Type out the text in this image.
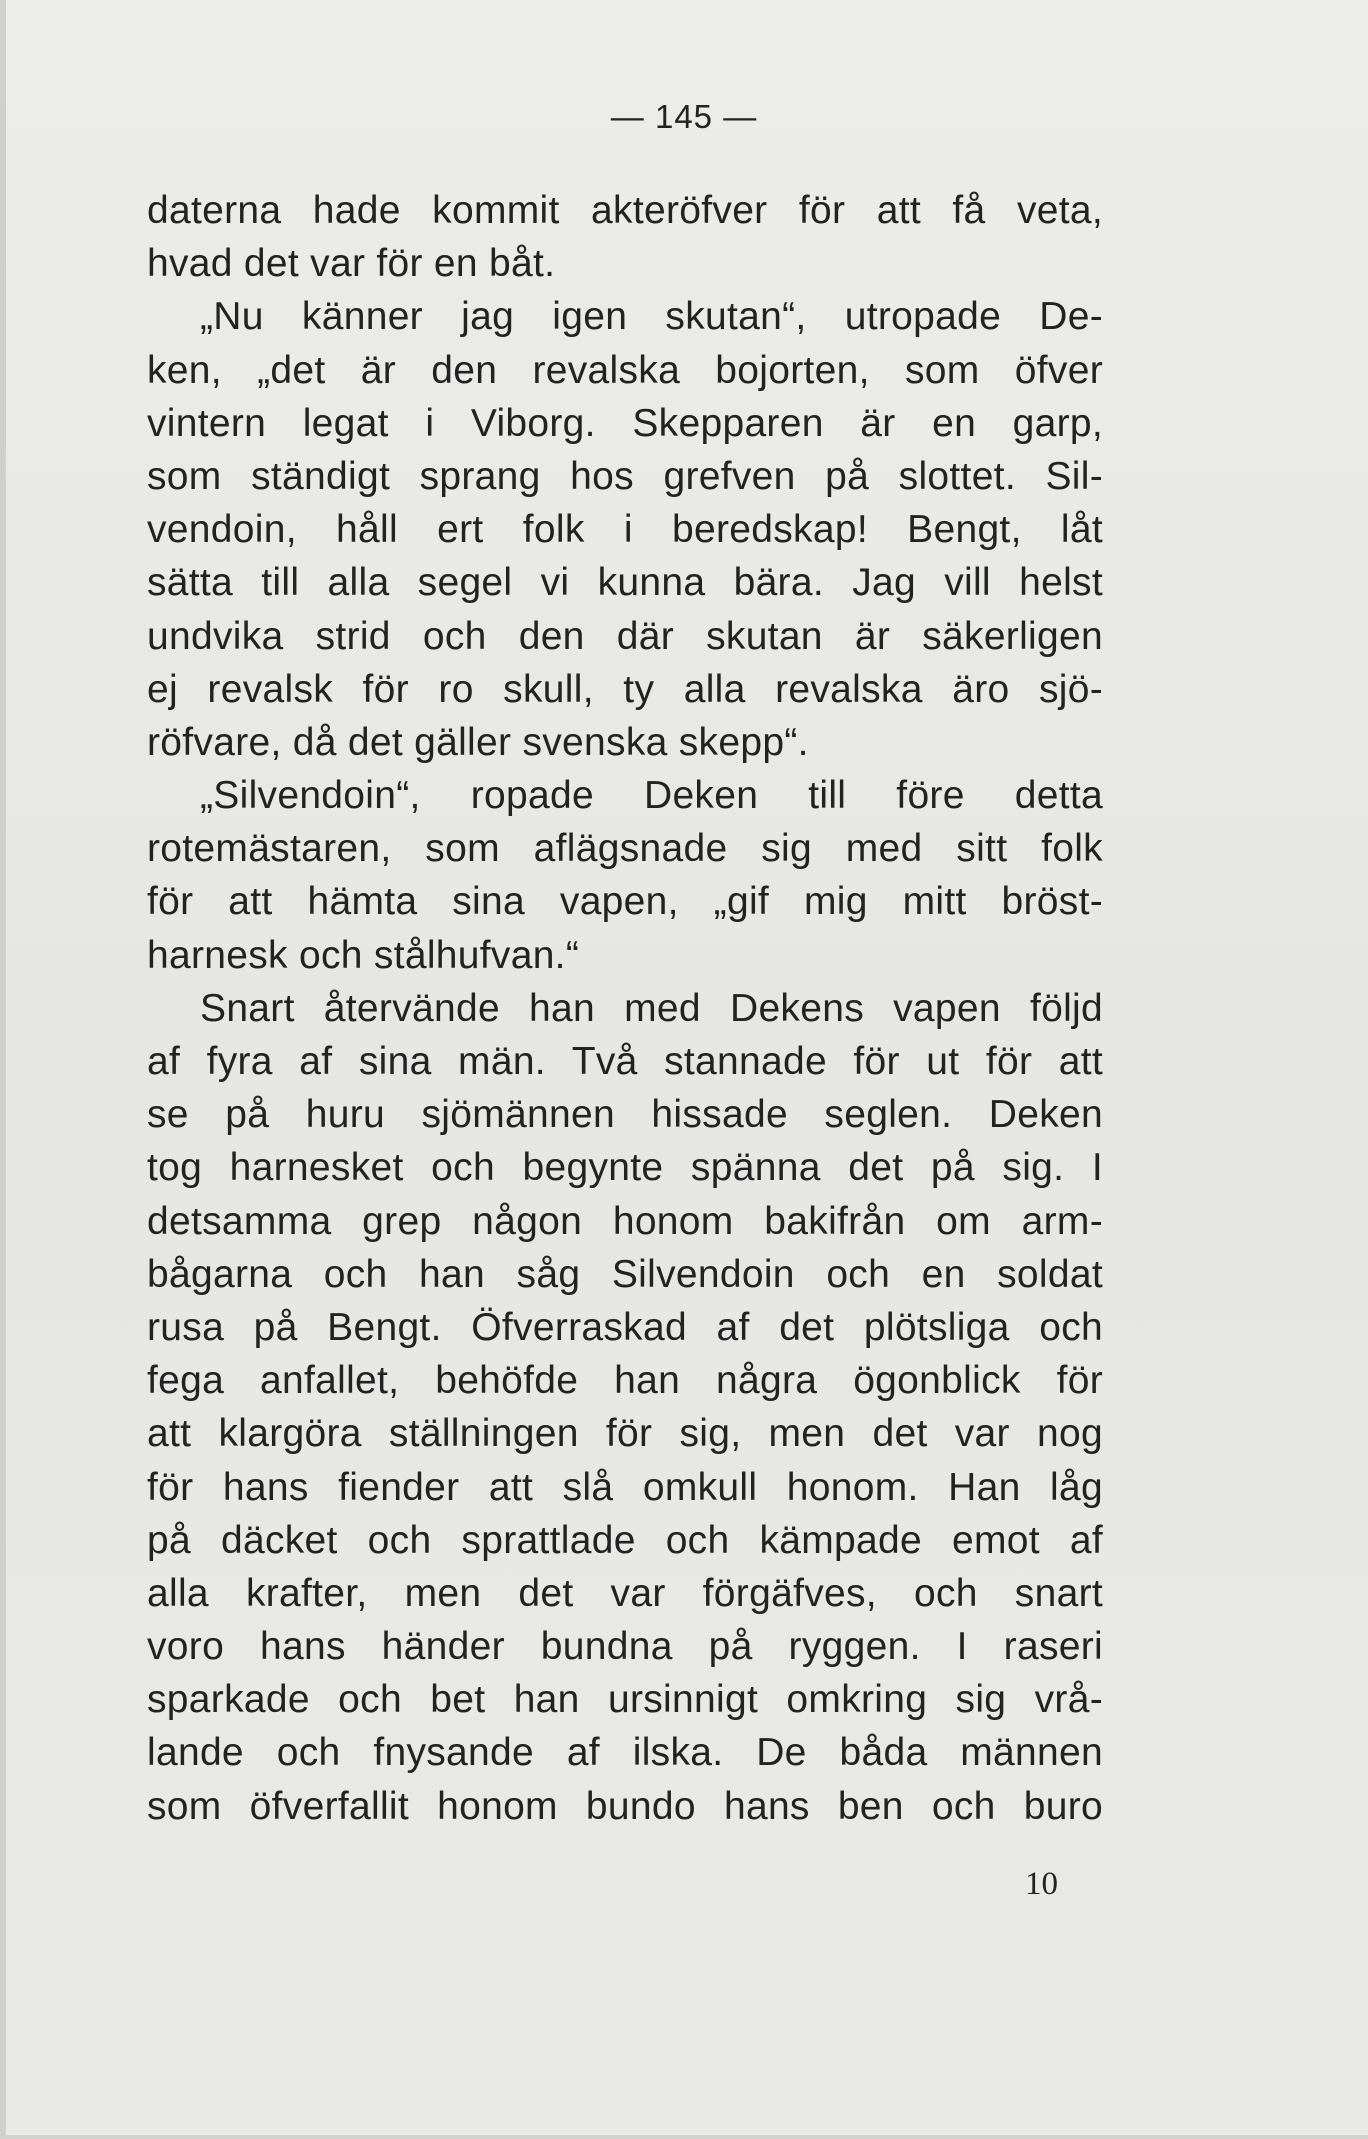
— 145 —
daterna hade kommit akteröfver för att få veta,
hvad det var för en båt.
„Nu känner jag igen skutan“, utropade De-
ken, „det är den revalska bojorten, som öfver
vintern legat i Viborg. Skepparen är en garp,
som ständigt sprang hos grefven på slottet. Sil-
vendoin, håll ert folk i beredskap! Bengt, låt
sätta till alla segel vi kunna bära. Jag vill helst
undvika strid och den där skutan är säkerligen
ej revalsk för ro skull, ty alla revalska äro sjö-
röfvare, då det gäller svenska skepp“.
„Silvendoin“, ropade Deken till före detta
rotemästaren, som aflägsnade sig med sitt folk
för att hämta sina vapen, „gif mig mitt bröst-
harnesk och stålhufvan.“
Snart återvände han med Dekens vapen följd
af fyra af sina män. Två stannade för ut för att
se på huru sjömännen hissade seglen. Deken
tog harnesket och begynte spänna det på sig. I
detsamma grep någon honom bakifrån om arm-
bågarna och han såg Silvendoin och en soldat
rusa på Bengt. Öfverraskad af det plötsliga och
fega anfallet, behöfde han några ögonblick för
att klargöra ställningen för sig, men det var nog
för hans fiender att slå omkull honom. Han låg
på däcket och sprattlade och kämpade emot af
alla krafter, men det var förgäfves, och snart
voro hans händer bundna på ryggen. I raseri
sparkade och bet han ursinnigt omkring sig vrå-
lande och fnysande af ilska. De båda männen
som öfverfallit honom bundo hans ben och buro
10
